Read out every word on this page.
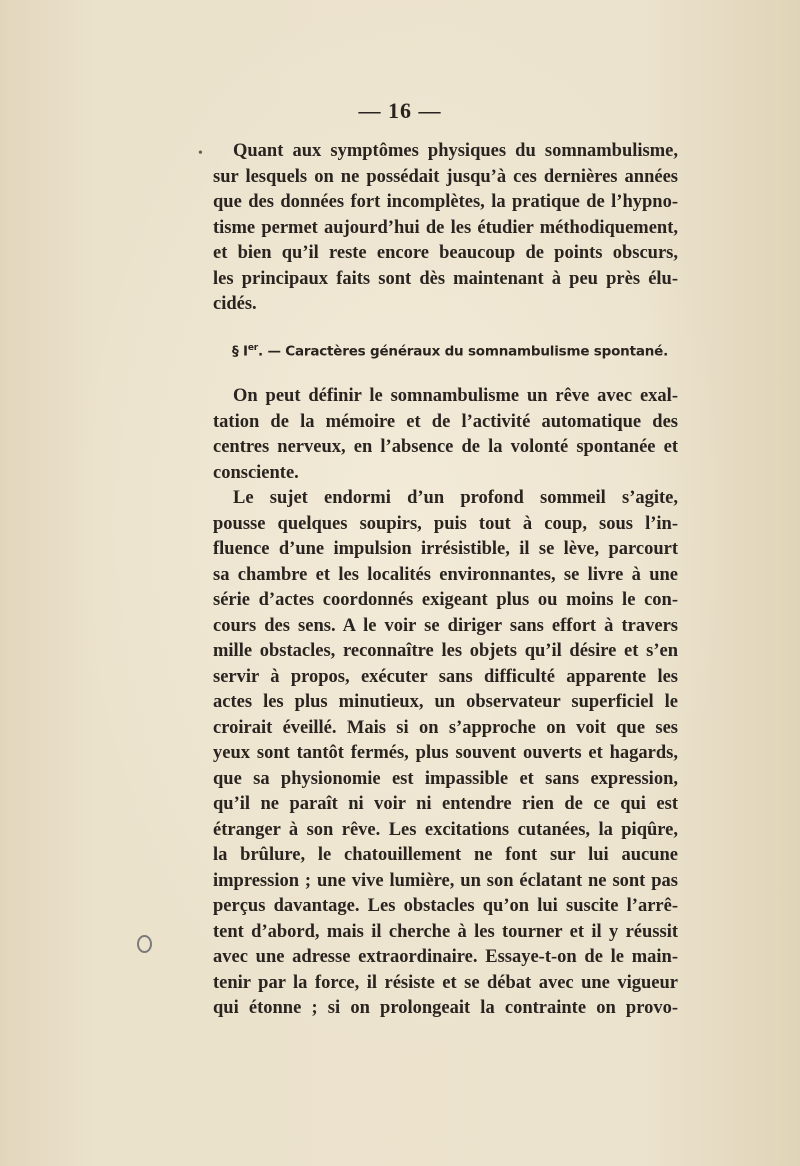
— 16 —
•	Quant aux symptômes physiques du somnambulisme,
sur lesquels on ne possédait jusqu’à ces dernières années
que des données fort incomplètes, la pratique de l’hypno-
tisme permet aujourd’hui de les étudier méthodiquement,
et bien qu’il reste encore beaucoup de points obscurs,
les principaux faits sont dès maintenant à peu près élu-
cidés.
§ Ier. — Caractères généraux du somnambulisme spontané.
On peut définir le somnambulisme un rêve avec exal-
tation de la mémoire et de l’activité automatique des
centres nerveux, en l’absence de la volonté spontanée et
consciente.
Le sujet endormi d’un profond sommeil s’agite,
pousse quelques soupirs, puis tout à coup, sous l’in-
fluence d’une impulsion irrésistible, il se lève, parcourt
sa chambre et les localités environnantes, se livre à une
série d’actes coordonnés exigeant plus ou moins le con-
cours des sens. A le voir se diriger sans effort à travers
mille obstacles, reconnaître les objets qu’il désire et s’en
servir à propos, exécuter sans difficulté apparente les
actes les plus minutieux, un observateur superficiel le
croirait éveillé. Mais si on s’approche on voit que ses
yeux sont tantôt fermés, plus souvent ouverts et hagards,
que sa physionomie est impassible et sans expression,
qu’il ne paraît ni voir ni entendre rien de ce qui est
étranger à son rêve. Les excitations cutanées, la piqûre,
la brûlure, le chatouillement ne font sur lui aucune
impression ; une vive lumière, un son éclatant ne sont pas
perçus davantage. Les obstacles qu’on lui suscite l’arrê-
tent d’abord, mais il cherche à les tourner et il y réussit
avec une adresse extraordinaire. Essaye-t-on de le main-
tenir par la force, il résiste et se débat avec une vigueur
qui étonne ; si on prolongeait la contrainte on provo-
